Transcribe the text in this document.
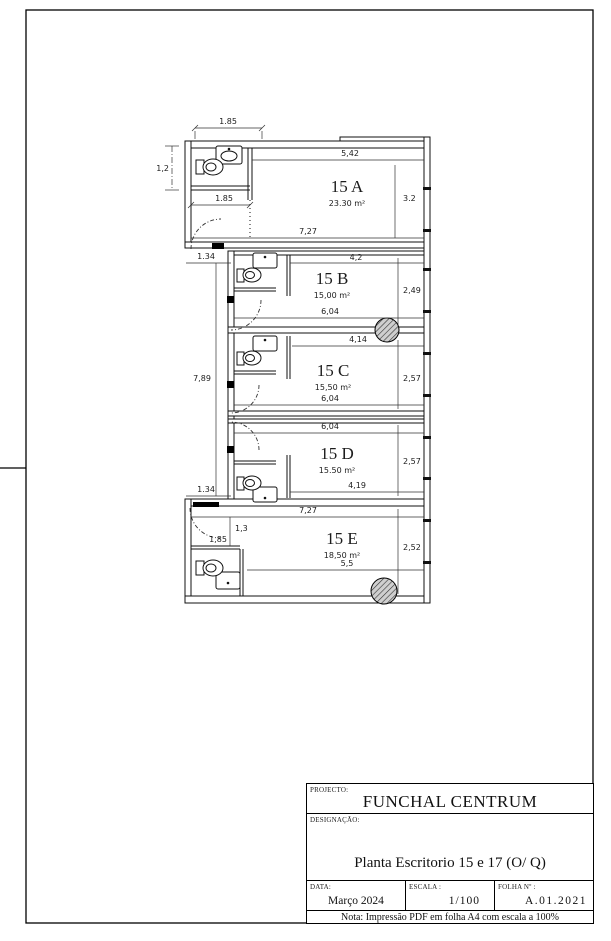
1.85
5,42
1,2
1.85	3.2
7,27
1.34	4,2
2,49
6,04
4,14
2,57
6,04
7,89
6,04
2,57
4,19
1.34
7,27
1,3
1,85
5,5
2,52
15 A
23.30 m²
15 B
15,00 m²
15 C
15,50 m²
15 D
15.50 m²
15 E
18,50 m²
PROJECTO:
FUNCHAL CENTRUM
DESIGNAÇÃO:
Planta Escritorio 15 e 17 (O/ Q)
DATA:
Março 2024
ESCALA :
1/100
FOLHA Nº :
A.01.2021
Nota: Impressão PDF em folha A4 com escala a 100%
